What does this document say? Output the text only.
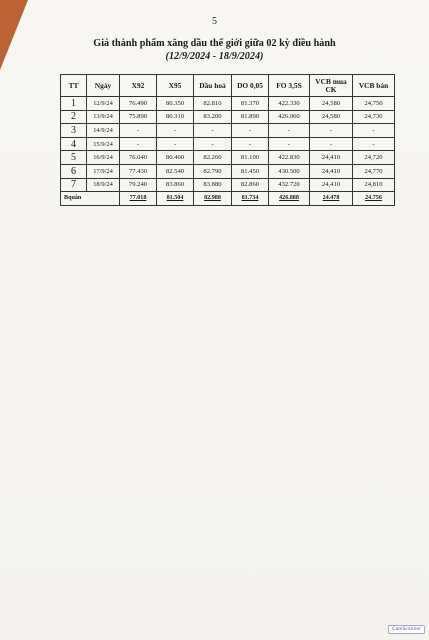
5
Giá thành phẩm xăng dầu thế giới giữa 02 kỳ điều hành
(12/9/2024 - 18/9/2024)
TT	Ngày	X92	X95	Dầu hoả	DO 0,05	FO 3,5S	VCB mua CK	VCB bán
1	12/9/24	76.490	80.350	82.810	81.370	422.330	24,580	24,750
2	13/9/24	75.890	80.310	83.200	81.890	426.060	24,580	24,730
3	14/9/24	-	-	-	-	-	-	-
4	15/9/24	-	-	-	-	-	-	-
5	16/9/24	76.040	80.460	82.260	81.100	422.830	24,410	24,720
6	17/9/24	77.430	82.540	82.790	81.450	430.500	24,410	24,770
7	18/9/24	79.240	83.860	83.880	82.860	432.720	24,410	24,810
Bquân		77.018	81.504	82.988	81.734	426.888	24.478	24.756
CamScanner
